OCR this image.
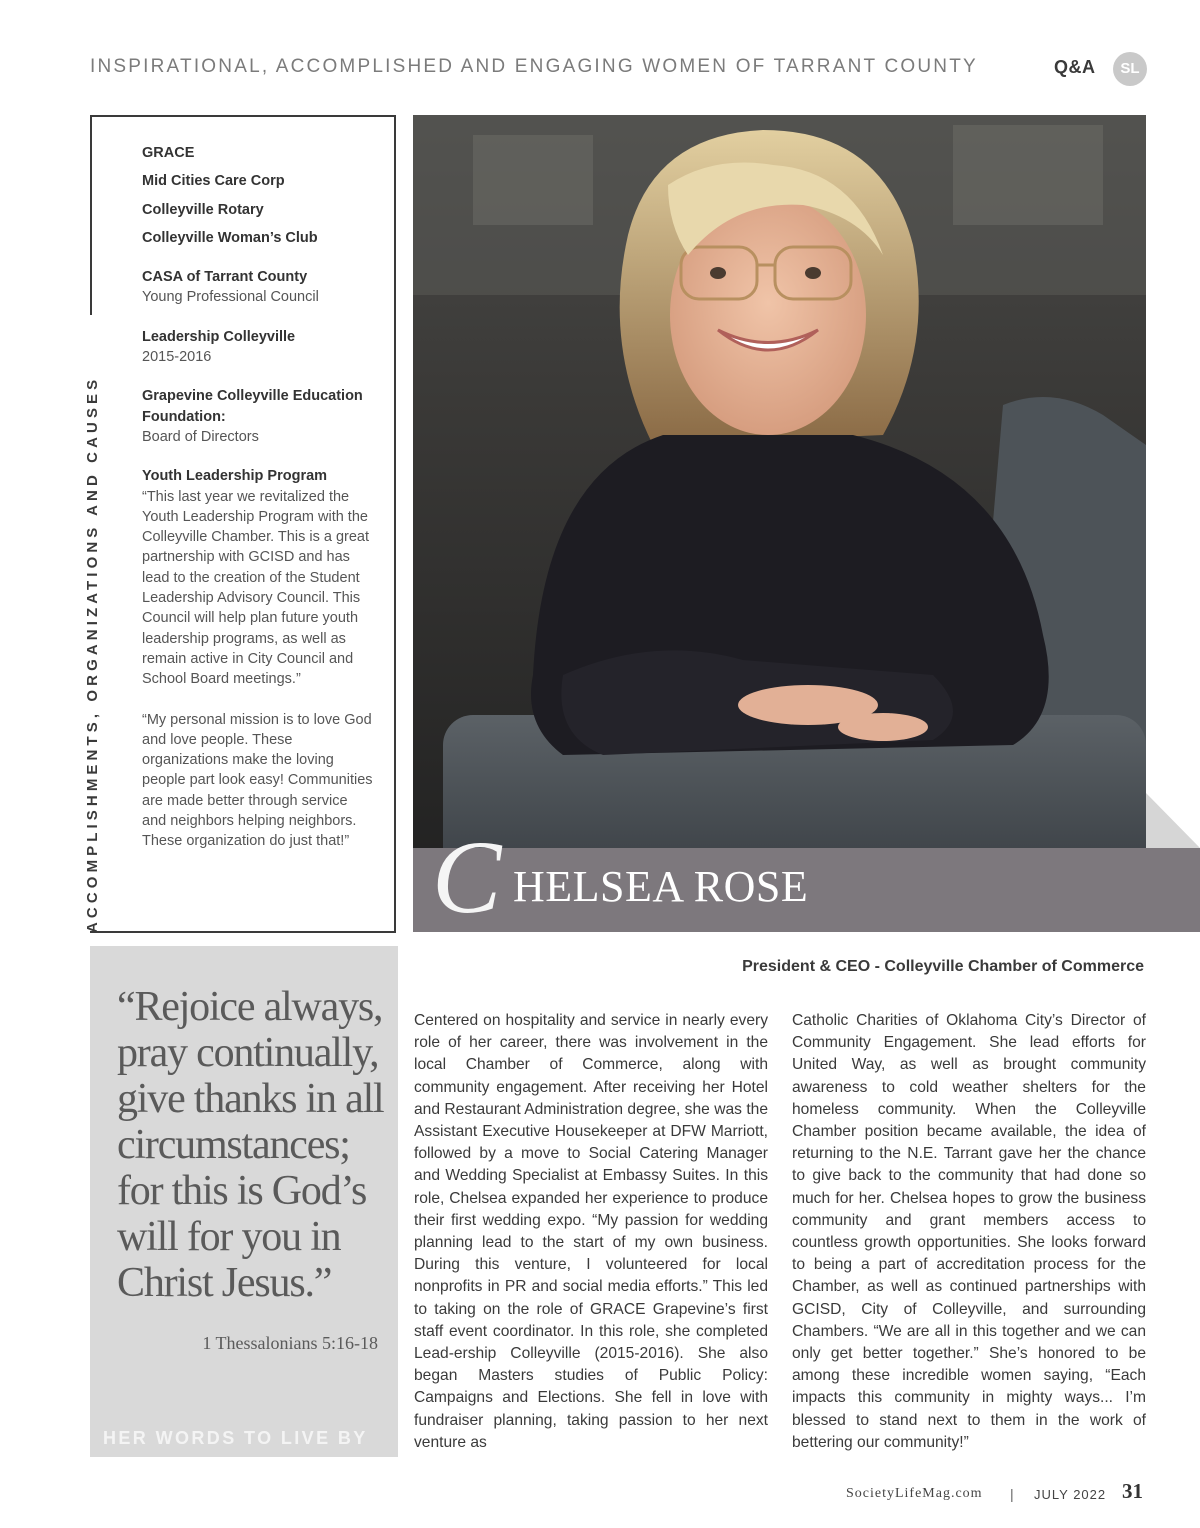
INSPIRATIONAL, ACCOMPLISHED AND ENGAGING WOMEN OF TARRANT COUNTY	Q&A	SL
ACCOMPLISHMENTS, ORGANIZATIONS AND CAUSES
GRACE
Mid Cities Care Corp
Colleyville Rotary
Colleyville Woman’s Club
CASA of Tarrant County
Young Professional Council
Leadership Colleyville
2015-2016
Grapevine Colleyville Education Foundation:
Board of Directors
Youth Leadership Program
“This last year we revitalized the Youth Leadership Program with the Colleyville Chamber. This is a great partnership with GCISD and has lead to the creation of the Student Leadership Advisory Council. This Council will help plan future youth leadership programs, as well as remain active in City Council and School Board meetings.”
“My personal mission is to love God and love people. These organizations make the loving people part look easy! Communities are made better through service and neighbors helping neighbors. These organization do just that!” C HELSEA ROSE
“Rejoice always, pray continually, give thanks in all circumstances; for this is God’s will for you in Christ Jesus.”
1 Thessalonians 5:16-18
HER WORDS TO LIVE BY
President & CEO - Colleyville Chamber of Commerce
Centered on hospitality and service in nearly every role of her career, there was involvement in the local Chamber of Commerce, along with community engagement. After receiving her Hotel and Restaurant Administration degree, she was the Assistant Executive Housekeeper at DFW Marriott, followed by a move to Social Catering Manager and Wedding Specialist at Embassy Suites. In this role, Chelsea expanded her experience to produce their first wedding expo. “My passion for wedding planning lead to the start of my own business. During this venture, I volunteered for local nonprofits in PR and social media efforts.” This led to taking on the role of GRACE Grapevine’s first staff event coordinator. In this role, she completed Lead-ership Colleyville (2015-2016). She also began Masters studies of Public Policy: Campaigns and Elections. She fell in love with fundraiser planning, taking passion to her next venture as
Catholic Charities of Oklahoma City’s Director of Community Engagement. She lead efforts for United Way, as well as brought community awareness to cold weather shelters for the homeless community. When the Colleyville Chamber position became available, the idea of returning to the N.E. Tarrant gave her the chance to give back to the community that had done so much for her. Chelsea hopes to grow the business community and grant members access to countless growth opportunities. She looks forward to being a part of accreditation process for the Chamber, as well as continued partnerships with GCISD, City of Colleyville, and surrounding Chambers. “We are all in this together and we can only get better together.” She’s honored to be among these incredible women saying, “Each impacts this community in mighty ways... I’m blessed to stand next to them in the work of bettering our community!”
SocietyLifeMag.com | JULY 2022 31
